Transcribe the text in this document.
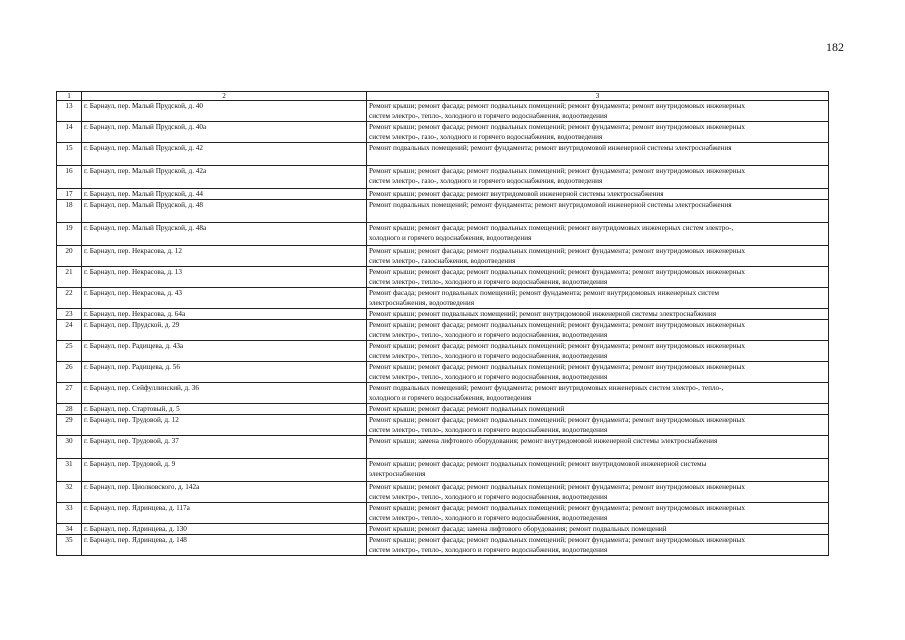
182
1	2	3
13	г. Барнаул, пер. Малый Прудской, д. 40	Ремонт крыши; ремонт фасада; ремонт подвальных помещений; ремонт фундамента; ремонт внутридомовых инженерных
систем электро-, тепло-, холодного и горячего водоснабжения, водоотведения
14	г. Барнаул, пер. Малый Прудской, д. 40а	Ремонт крыши; ремонт фасада; ремонт подвальных помещений; ремонт фундамента; ремонт внутридомовых инженерных
систем электро-, газо-, холодного и горячего водоснабжения, водоотведения
15	г. Барнаул, пер. Малый Прудской, д. 42	Ремонт подвальных помещений; ремонт фундамента; ремонт внутридомовой инженерной системы электроснабжения
16	г. Барнаул, пер. Малый Прудской, д. 42а	Ремонт крыши; ремонт фасада; ремонт подвальных помещений; ремонт фундамента; ремонт внутридомовых инженерных
систем электро-, газо-, холодного и горячего водоснабжения, водоотведения
17	г. Барнаул, пер. Малый Прудской, д. 44	Ремонт крыши; ремонт фасада; ремонт внутридомовой инженерной системы электроснабжения
18	г. Барнаул, пер. Малый Прудской, д. 48	Ремонт подвальных помещений; ремонт фундамента; ремонт внутридомовой инженерной системы электроснабжения
19	г. Барнаул, пер. Малый Прудской, д. 48а	Ремонт крыши; ремонт фасада; ремонт подвальных помещений; ремонт внутридомовых инженерных систем электро-,
холодного и горячего водоснабжения, водоотведения
20	г. Барнаул, пер. Некрасова, д. 12	Ремонт крыши; ремонт фасада; ремонт подвальных помещений; ремонт фундамента; ремонт внутридомовых инженерных
систем электро-, газоснабжения, водоотведения
21	г. Барнаул, пер. Некрасова, д. 13	Ремонт крыши; ремонт фасада; ремонт подвальных помещений; ремонт фундамента; ремонт внутридомовых инженерных
систем электро-, тепло-, холодного и горячего водоснабжения, водоотведения
22	г. Барнаул, пер. Некрасова, д. 43	Ремонт фасада; ремонт подвальных помещений; ремонт фундамента; ремонт внутридомовых инженерных систем
электроснабжения, водоотведения
23	г. Барнаул, пер. Некрасова, д. 64а	Ремонт крыши; ремонт подвальных помещений; ремонт внутридомовой инженерной системы электроснабжения
24	г. Барнаул, пер. Прудской, д. 29	Ремонт крыши; ремонт фасада; ремонт подвальных помещений; ремонт фундамента; ремонт внутридомовых инженерных
систем электро-, тепло-, холодного и горячего водоснабжения, водоотведения
25	г. Барнаул, пер. Радищева, д. 43а	Ремонт крыши; ремонт фасада; ремонт подвальных помещений; ремонт фундамента; ремонт внутридомовых инженерных
систем электро-, тепло-, холодного и горячего водоснабжения, водоотведения
26	г. Барнаул, пер. Радищева, д. 56	Ремонт крыши; ремонт фасада; ремонт подвальных помещений; ремонт фундамента; ремонт внутридомовых инженерных
систем электро-, тепло-, холодного и горячего водоснабжения, водоотведения
27	г. Барнаул, пер. Сейфуллинский, д. 36	Ремонт подвальных помещений; ремонт фундамента; ремонт внутридомовых инженерных систем электро-, тепло-,
холодного и горячего водоснабжения, водоотведения
28	г. Барнаул, пер. Стартовый, д. 5	Ремонт крыши; ремонт фасада; ремонт подвальных помещений
29	г. Барнаул, пер. Трудовой, д. 12	Ремонт крыши; ремонт фасада; ремонт подвальных помещений; ремонт фундамента; ремонт внутридомовых инженерных
систем электро-, тепло-, холодного и горячего водоснабжения, водоотведения
30	г. Барнаул, пер. Трудовой, д. 37	Ремонт крыши; замена лифтового оборудования; ремонт внутридомовой инженерной системы электроснабжения
31	г. Барнаул, пер. Трудовой, д. 9	Ремонт крыши; ремонт фасада; ремонт подвальных помещений; ремонт внутридомовой инженерной системы
электроснабжения
32	г. Барнаул, пер. Циолковского, д. 142а	Ремонт крыши; ремонт фасада; ремонт подвальных помещений; ремонт фундамента; ремонт внутридомовых инженерных
систем электро-, тепло-, холодного и горячего водоснабжения, водоотведения
33	г. Барнаул, пер. Ядринцева, д. 117а	Ремонт крыши; ремонт фасада; ремонт подвальных помещений; ремонт фундамента; ремонт внутридомовых инженерных
систем электро-, тепло-, холодного и горячего водоснабжения, водоотведения
34	г. Барнаул, пер. Ядринцева, д. 130	Ремонт крыши; ремонт фасада; замена лифтового оборудования; ремонт подвальных помещений
35	г. Барнаул, пер. Ядринцева, д. 148	Ремонт крыши; ремонт фасада; ремонт подвальных помещений; ремонт фундамента; ремонт внутридомовых инженерных
систем электро-, тепло-, холодного и горячего водоснабжения, водоотведения
